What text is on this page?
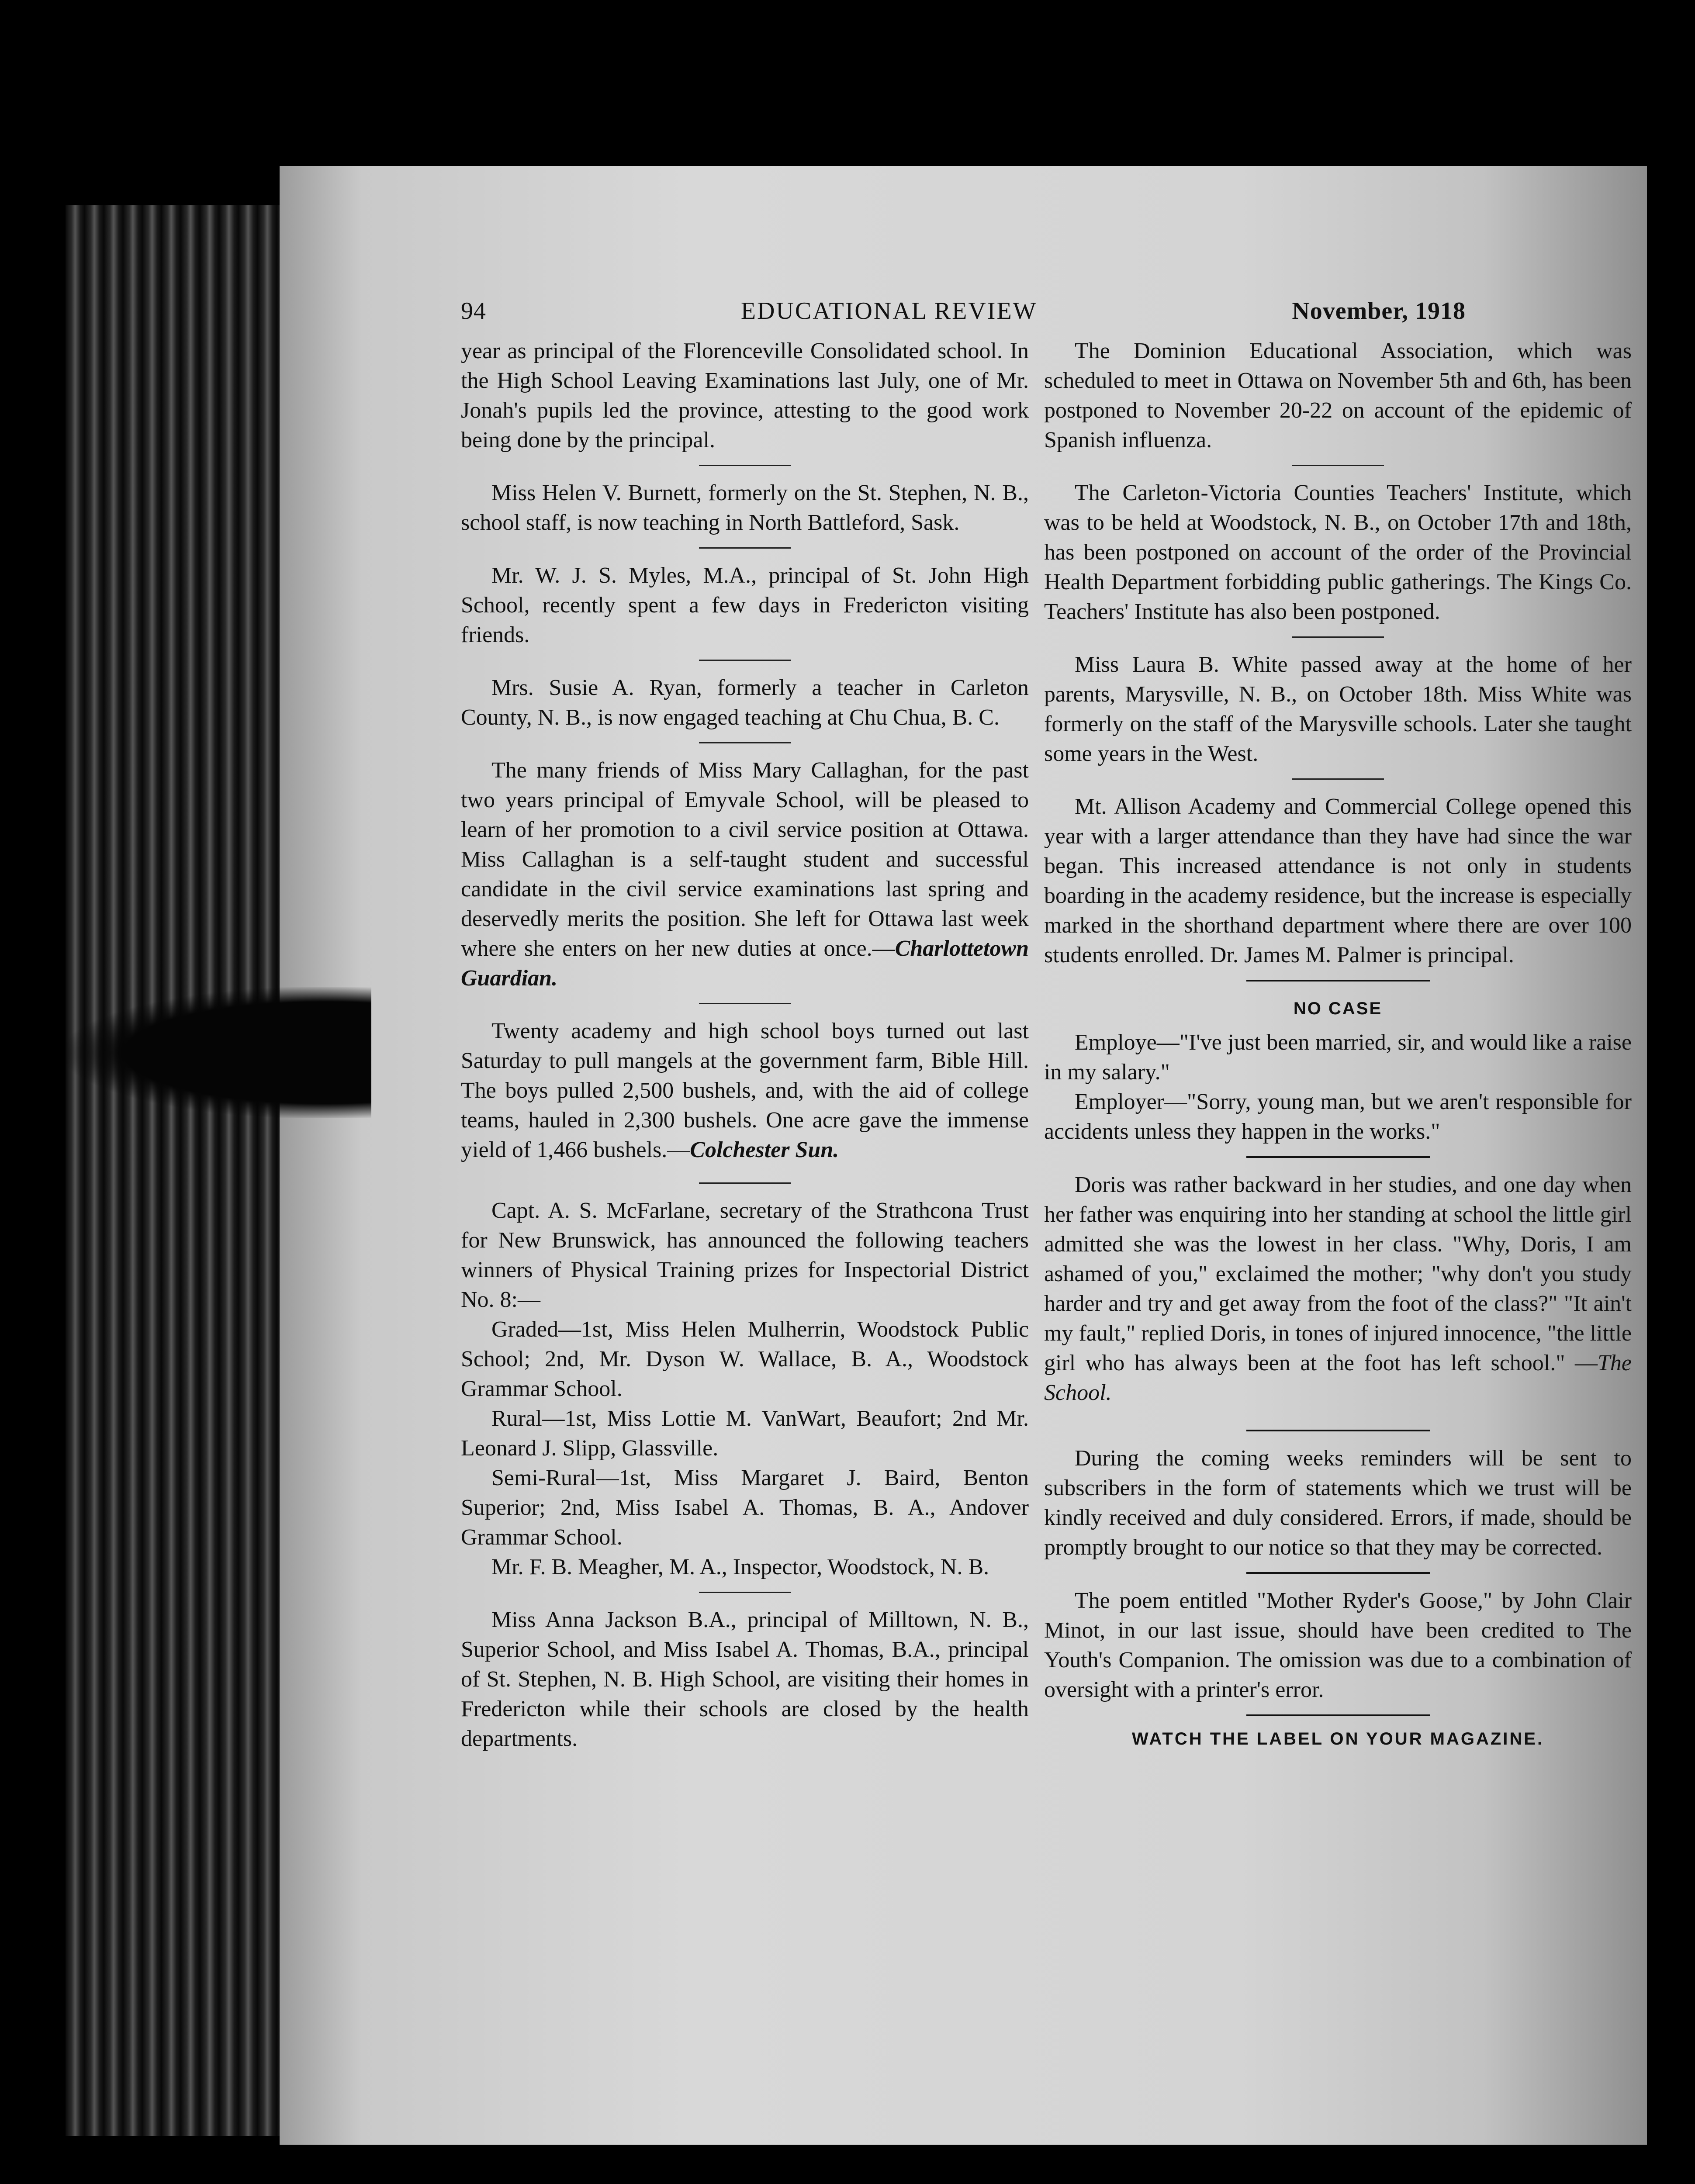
94	EDUCATIONAL REVIEW	November, 1918

year as principal of the Florenceville Consolidated school. In the High School Leaving Examinations last July, one of Mr. Jonah's pupils led the province, attesting to the good work being done by the principal.

Miss Helen V. Burnett, formerly on the St. Stephen, N. B., school staff, is now teaching in North Battleford, Sask.

Mr. W. J. S. Myles, M.A., principal of St. John High School, recently spent a few days in Fredericton visiting friends.

Mrs. Susie A. Ryan, formerly a teacher in Carleton County, N. B., is now engaged teaching at Chu Chua, B. C.

The many friends of Miss Mary Callaghan, for the past two years principal of Emyvale School, will be pleased to learn of her promotion to a civil service position at Ottawa. Miss Callaghan is a self-taught student and successful candidate in the civil service examinations last spring and deservedly merits the position. She left for Ottawa last week where she enters on her new duties at once.—Charlottetown Guardian.

Twenty academy and high school boys turned out last Saturday to pull mangels at the government farm, Bible Hill. The boys pulled 2,500 bushels, and, with the aid of college teams, hauled in 2,300 bushels. One acre gave the immense yield of 1,466 bushels.—Colchester Sun.

Capt. A. S. McFarlane, secretary of the Strathcona Trust for New Brunswick, has announced the following teachers winners of Physical Training prizes for Inspectorial District No. 8:—

Graded—1st, Miss Helen Mulherrin, Woodstock Public School; 2nd, Mr. Dyson W. Wallace, B. A., Woodstock Grammar School.

Rural—1st, Miss Lottie M. VanWart, Beaufort; 2nd Mr. Leonard J. Slipp, Glassville.

Semi-Rural—1st, Miss Margaret J. Baird, Benton Superior; 2nd, Miss Isabel A. Thomas, B. A., Andover Grammar School.

Mr. F. B. Meagher, M. A., Inspector, Woodstock, N. B.

Miss Anna Jackson B.A., principal of Milltown, N. B., Superior School, and Miss Isabel A. Thomas, B.A., principal of St. Stephen, N. B. High School, are visiting their homes in Fredericton while their schools are closed by the health departments.

The Dominion Educational Association, which was scheduled to meet in Ottawa on November 5th and 6th, has been postponed to November 20-22 on account of the epidemic of Spanish influenza.

The Carleton-Victoria Counties Teachers' Institute, which was to be held at Woodstock, N. B., on October 17th and 18th, has been postponed on account of the order of the Provincial Health Department forbidding public gatherings. The Kings Co. Teachers' Institute has also been postponed.

Miss Laura B. White passed away at the home of her parents, Marysville, N. B., on October 18th. Miss White was formerly on the staff of the Marysville schools. Later she taught some years in the West.

Mt. Allison Academy and Commercial College opened this year with a larger attendance than they have had since the war began. This increased attendance is not only in students boarding in the academy residence, but the increase is especially marked in the shorthand department where there are over 100 students enrolled. Dr. James M. Palmer is principal.

NO CASE

Employe—"I've just been married, sir, and would like a raise in my salary."

Employer—"Sorry, young man, but we aren't responsible for accidents unless they happen in the works."

Doris was rather backward in her studies, and one day when her father was enquiring into her standing at school the little girl admitted she was the lowest in her class. "Why, Doris, I am ashamed of you," exclaimed the mother; "why don't you study harder and try and get away from the foot of the class?" "It ain't my fault," replied Doris, in tones of injured innocence, "the little girl who has always been at the foot has left school." —The School.

During the coming weeks reminders will be sent to subscribers in the form of statements which we trust will be kindly received and duly considered. Errors, if made, should be promptly brought to our notice so that they may be corrected.

The poem entitled "Mother Ryder's Goose," by John Clair Minot, in our last issue, should have been credited to The Youth's Companion. The omission was due to a combination of oversight with a printer's error.

WATCH THE LABEL ON YOUR MAGAZINE.
